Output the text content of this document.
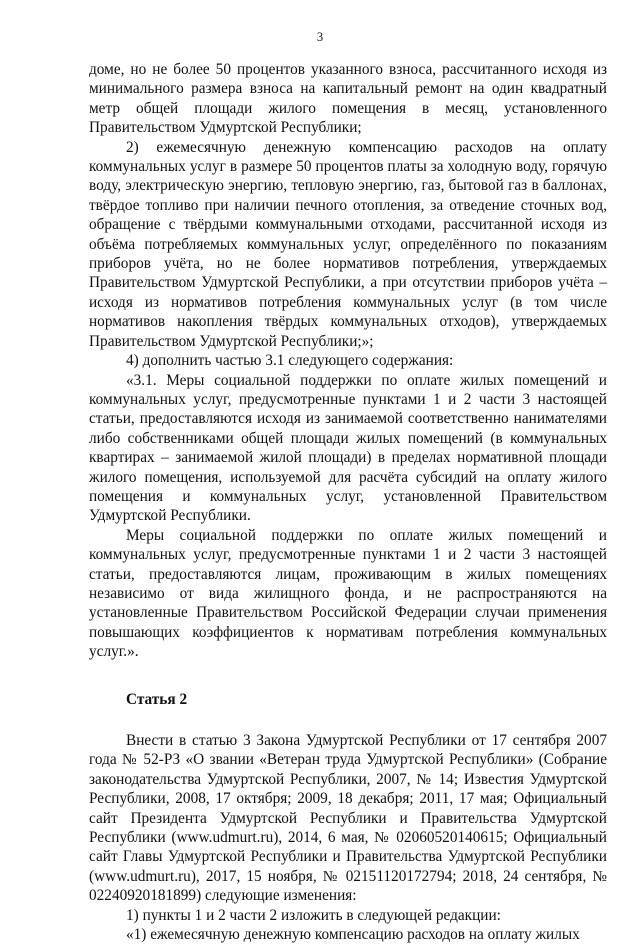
3

доме, но не более 50 процентов указанного взноса, рассчитанного исходя из минимального размера взноса на капитальный ремонт на один квадратный метр общей площади жилого помещения в месяц, установленного Правительством Удмуртской Республики;

2) ежемесячную денежную компенсацию расходов на оплату коммунальных услуг в размере 50 процентов платы за холодную воду, горячую воду, электрическую энергию, тепловую энергию, газ, бытовой газ в баллонах, твёрдое топливо при наличии печного отопления, за отведение сточных вод, обращение с твёрдыми коммунальными отходами, рассчитанной исходя из объёма потребляемых коммунальных услуг, определённого по показаниям приборов учёта, но не более нормативов потребления, утверждаемых Правительством Удмуртской Республики, а при отсутствии приборов учёта – исходя из нормативов потребления коммунальных услуг (в том числе нормативов накопления твёрдых коммунальных отходов), утверждаемых Правительством Удмуртской Республики;»;

4) дополнить частью 3.1 следующего содержания:

«3.1. Меры социальной поддержки по оплате жилых помещений и коммунальных услуг, предусмотренные пунктами 1 и 2 части 3 настоящей статьи, предоставляются исходя из занимаемой соответственно нанимателями либо собственниками общей площади жилых помещений (в коммунальных квартирах – занимаемой жилой площади) в пределах нормативной площади жилого помещения, используемой для расчёта субсидий на оплату жилого помещения и коммунальных услуг, установленной Правительством Удмуртской Республики.

Меры социальной поддержки по оплате жилых помещений и коммунальных услуг, предусмотренные пунктами 1 и 2 части 3 настоящей статьи, предоставляются лицам, проживающим в жилых помещениях независимо от вида жилищного фонда, и не распространяются на установленные Правительством Российской Федерации случаи применения повышающих коэффициентов к нормативам потребления коммунальных услуг.».

Статья 2

Внести в статью 3 Закона Удмуртской Республики от 17 сентября 2007 года № 52-РЗ «О звании «Ветеран труда Удмуртской Республики» (Собрание законодательства Удмуртской Республики, 2007, № 14; Известия Удмуртской Республики, 2008, 17 октября; 2009, 18 декабря; 2011, 17 мая; Официальный сайт Президента Удмуртской Республики и Правительства Удмуртской Республики (www.udmurt.ru), 2014, 6 мая, № 02060520140615; Официальный сайт Главы Удмуртской Республики и Правительства Удмуртской Республики (www.udmurt.ru), 2017, 15 ноября, № 02151120172794; 2018, 24 сентября, № 02240920181899) следующие изменения:

1) пункты 1 и 2 части 2 изложить в следующей редакции:

«1) ежемесячную денежную компенсацию расходов на оплату жилых
